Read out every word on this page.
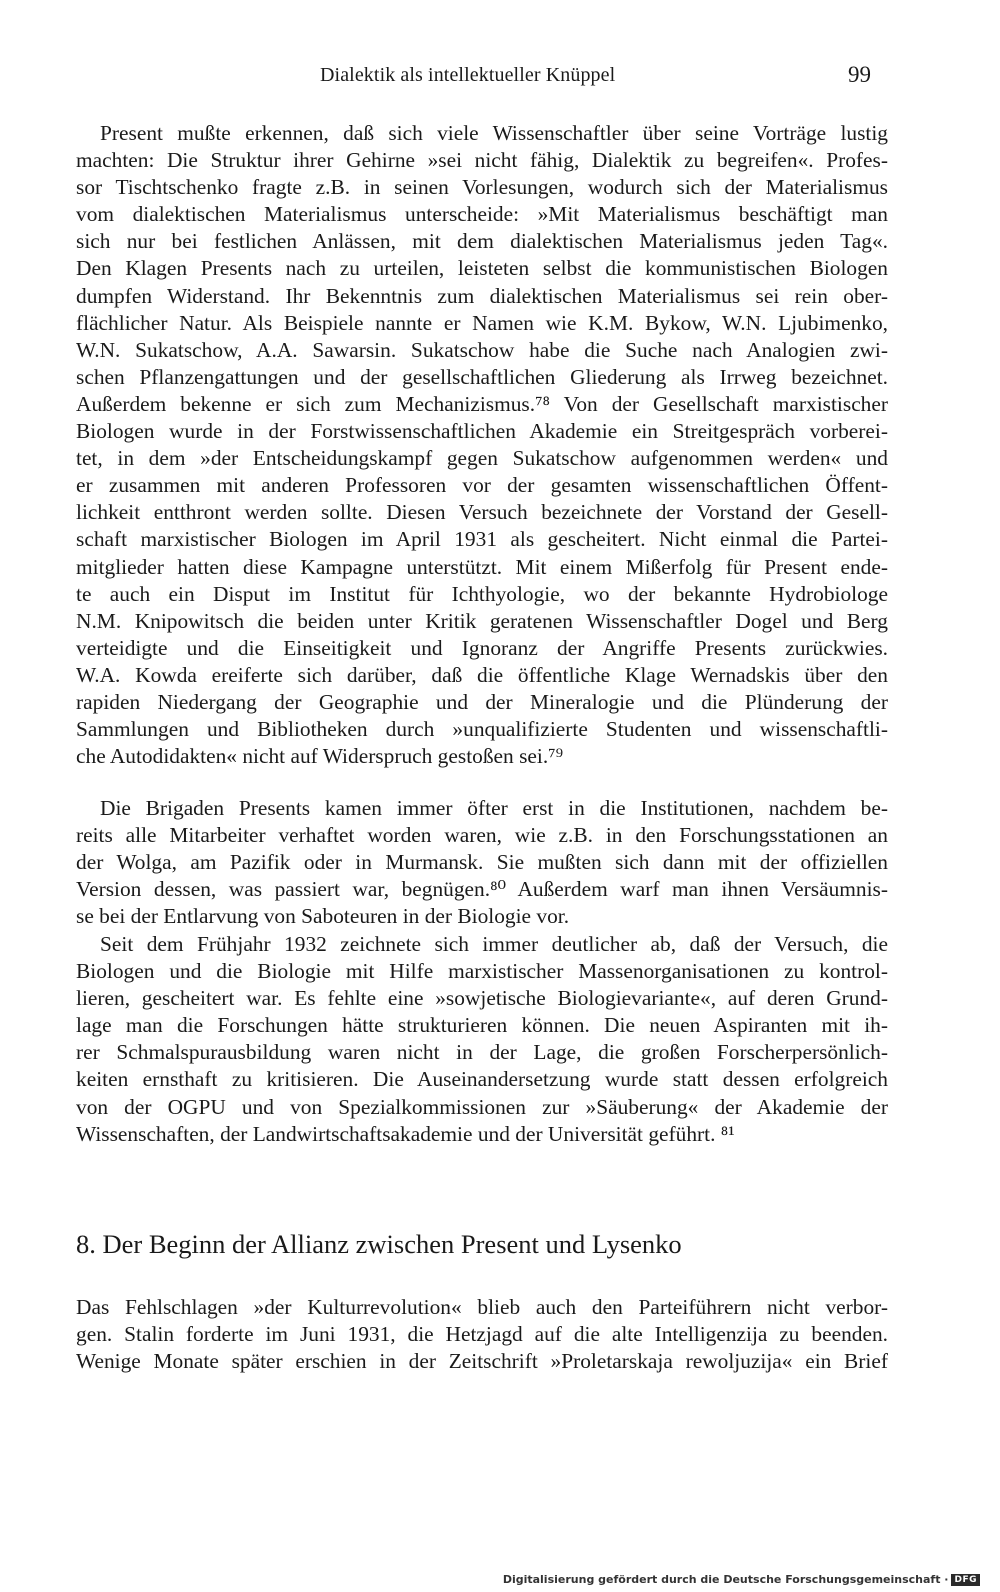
Dialektik als intellektueller Knüppel	99
Present mußte erkennen, daß sich viele Wissenschaftler über seine Vorträge lustig
machten: Die Struktur ihrer Gehirne »sei nicht fähig, Dialektik zu begreifen«. Profes-
sor Tischtschenko fragte z.B. in seinen Vorlesungen, wodurch sich der Materialismus
vom dialektischen Materialismus unterscheide: »Mit Materialismus beschäftigt man
sich nur bei festlichen Anlässen, mit dem dialektischen Materialismus jeden Tag«.
Den Klagen Presents nach zu urteilen, leisteten selbst die kommunistischen Biologen
dumpfen Widerstand. Ihr Bekenntnis zum dialektischen Materialismus sei rein ober-
flächlicher Natur. Als Beispiele nannte er Namen wie K.M. Bykow, W.N. Ljubimenko,
W.N. Sukatschow, A.A. Sawarsin. Sukatschow habe die Suche nach Analogien zwi-
schen Pflanzengattungen und der gesellschaftlichen Gliederung als Irrweg bezeichnet.
Außerdem bekenne er sich zum Mechanizismus.⁷⁸ Von der Gesellschaft marxistischer
Biologen wurde in der Forstwissenschaftlichen Akademie ein Streitgespräch vorberei-
tet, in dem »der Entscheidungskampf gegen Sukatschow aufgenommen werden« und
er zusammen mit anderen Professoren vor der gesamten wissenschaftlichen Öffent-
lichkeit entthront werden sollte. Diesen Versuch bezeichnete der Vorstand der Gesell-
schaft marxistischer Biologen im April 1931 als gescheitert. Nicht einmal die Partei-
mitglieder hatten diese Kampagne unterstützt. Mit einem Mißerfolg für Present ende-
te auch ein Disput im Institut für Ichthyologie, wo der bekannte Hydrobiologe
N.M. Knipowitsch die beiden unter Kritik geratenen Wissenschaftler Dogel und Berg
verteidigte und die Einseitigkeit und Ignoranz der Angriffe Presents zurückwies.
W.A. Kowda ereiferte sich darüber, daß die öffentliche Klage Wernadskis über den
rapiden Niedergang der Geographie und der Mineralogie und die Plünderung der
Sammlungen und Bibliotheken durch »unqualifizierte Studenten und wissenschaftli-
che Autodidakten« nicht auf Widerspruch gestoßen sei.⁷⁹
Die Brigaden Presents kamen immer öfter erst in die Institutionen, nachdem be-
reits alle Mitarbeiter verhaftet worden waren, wie z.B. in den Forschungsstationen an
der Wolga, am Pazifik oder in Murmansk. Sie mußten sich dann mit der offiziellen
Version dessen, was passiert war, begnügen.⁸⁰ Außerdem warf man ihnen Versäumnis-
se bei der Entlarvung von Saboteuren in der Biologie vor.
Seit dem Frühjahr 1932 zeichnete sich immer deutlicher ab, daß der Versuch, die
Biologen und die Biologie mit Hilfe marxistischer Massenorganisationen zu kontrol-
lieren, gescheitert war. Es fehlte eine »sowjetische Biologievariante«, auf deren Grund-
lage man die Forschungen hätte strukturieren können. Die neuen Aspiranten mit ih-
rer Schmalspurausbildung waren nicht in der Lage, die großen Forscherpersönlich-
keiten ernsthaft zu kritisieren. Die Auseinandersetzung wurde statt dessen erfolgreich
von der OGPU und von Spezialkommissionen zur »Säuberung« der Akademie der
Wissenschaften, der Landwirtschaftsakademie und der Universität geführt. ⁸¹
8. Der Beginn der Allianz zwischen Present und Lysenko
Das Fehlschlagen »der Kulturrevolution« blieb auch den Parteiführern nicht verbor-
gen. Stalin forderte im Juni 1931, die Hetzjagd auf die alte Intelligenzija zu beenden.
Wenige Monate später erschien in der Zeitschrift »Proletarskaja rewoljuzija« ein Brief
Digitalisierung gefördert durch die Deutsche Forschungsgemeinschaft · DFG
